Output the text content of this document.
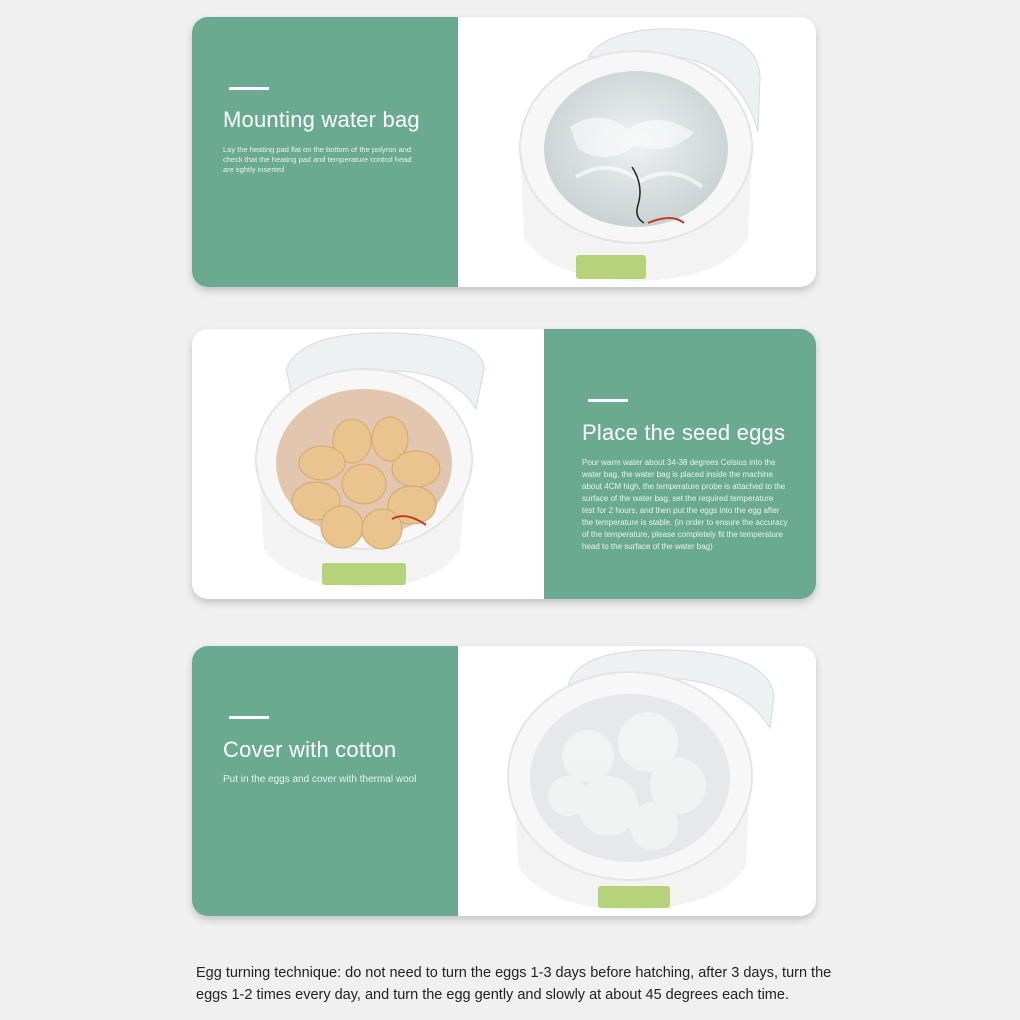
Mounting water bag
Lay the heating pad flat on the bottom of the polyron and check that the heating pad and temperature control head are tightly inserted
Place the seed eggs
Pour warm water about 34-38 degrees Celsius into the water bag, the water bag is placed inside the machine about 4CM high, the temperature probe is attached to the surface of the water bag, set the required temperature test for 2 hours, and then put the eggs into the egg after the temperature is stable. (in order to ensure the accuracy of the temperature, please completely fit the temperature head to the surface of the water bag)
Cover with cotton
Put in the eggs and cover with thermal wool
Egg turning technique: do not need to turn the eggs 1-3 days before hatching, after 3 days, turn the eggs 1-2 times every day, and turn the egg gently and slowly at about 45 degrees each time.
